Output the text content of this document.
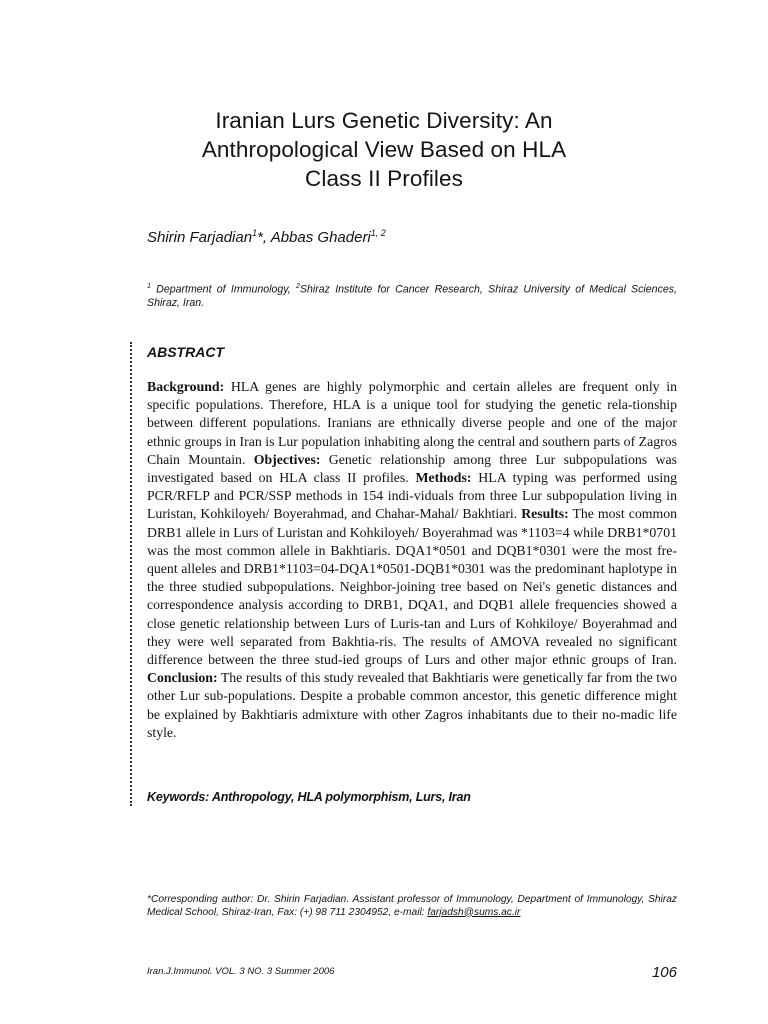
Iranian Lurs Genetic Diversity: An
Anthropological View Based on HLA
Class II Profiles
Shirin Farjadian$^1$*, Abbas Ghaderi$^{1, 2}$
$^1$ Department of Immunology, $^2$Shiraz Institute for Cancer Research, Shiraz University of Medical Sciences, Shiraz, Iran.
ABSTRACT

Background: HLA genes are highly polymorphic and certain alleles are frequent only in specific populations. Therefore, HLA is a unique tool for studying the genetic rela-tionship between different populations. Iranians are ethnically diverse people and one of the major ethnic groups in Iran is Lur population inhabiting along the central and southern parts of Zagros Chain Mountain. Objectives: Genetic relationship among three Lur subpopulations was investigated based on HLA class II profiles. Methods: HLA typing was performed using PCR/RFLP and PCR/SSP methods in 154 indi-viduals from three Lur subpopulation living in Luristan, Kohkiloyeh/ Boyerahmad, and Chahar-Mahal/ Bakhtiari. Results: The most common DRB1 allele in Lurs of Luristan and Kohkiloyeh/ Boyerahmad was *1103=4 while DRB1*0701 was the most common allele in Bakhtiaris. DQA1*0501 and DQB1*0301 were the most fre-quent alleles and DRB1*1103=04-DQA1*0501-DQB1*0301 was the predominant haplotype in the three studied subpopulations. Neighbor-joining tree based on Nei's genetic distances and correspondence analysis according to DRB1, DQA1, and DQB1 allele frequencies showed a close genetic relationship between Lurs of Luris-tan and Lurs of Kohkiloye/ Boyerahmad and they were well separated from Bakhtia-ris. The results of AMOVA revealed no significant difference between the three stud-ied groups of Lurs and other major ethnic groups of Iran. Conclusion: The results of this study revealed that Bakhtiaris were genetically far from the two other Lur sub-populations. Despite a probable common ancestor, this genetic difference might be explained by Bakhtiaris admixture with other Zagros inhabitants due to their no-madic life style.

Keywords: Anthropology, HLA polymorphism, Lurs, Iran
*Corresponding author: Dr. Shirin Farjadian. Assistant professor of Immunology, Department of Immunology, Shiraz Medical School, Shiraz-Iran, Fax: (+) 98 711 2304952, e-mail: farjadsh@sums.ac.ir
Iran.J.Immunol. VOL. 3 NO. 3 Summer 2006	106
